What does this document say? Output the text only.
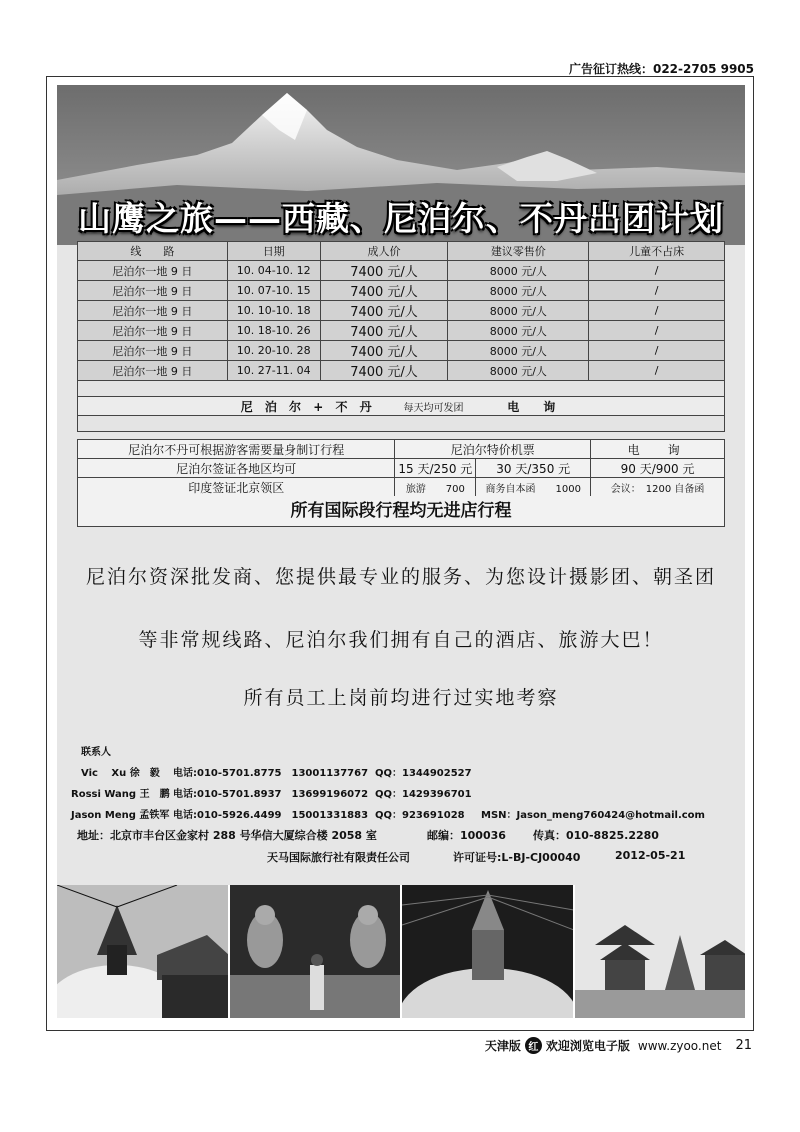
广告征订热线：022-2705 9905
山鹰之旅——西藏、尼泊尔、不丹出团计划
线　　路	日期	成人价	建议零售价	儿童不占床
尼泊尔一地 9 日	10. 04-10. 12	7400 元/人	8000 元/人	/
尼泊尔一地 9 日	10. 07-10. 15	7400 元/人	8000 元/人	/
尼泊尔一地 9 日	10. 10-10. 18	7400 元/人	8000 元/人	/
尼泊尔一地 9 日	10. 18-10. 26	7400 元/人	8000 元/人	/
尼泊尔一地 9 日	10. 20-10. 28	7400 元/人	8000 元/人	/
尼泊尔一地 9 日	10. 27-11. 04	7400 元/人	8000 元/人	/

尼 泊 尔 + 不 丹 每天均可发团 电　询				

尼泊尔不丹可根据游客需要量身制订行程	尼泊尔特价机票		电　询
尼泊尔签证各地区均可	15 天/250 元	30 天/350 元	90 天/900 元
印度签证北京领区	旅游　　700	商务自本函　　1000	会议：　1200 自备函
所有国际段行程均无进店行程
尼泊尔资深批发商、您提供最专业的服务、为您设计摄影团、朝圣团
等非常规线路、尼泊尔我们拥有自己的酒店、旅游大巴！
所有员工上岗前均进行过实地考察
联系人
Vic　 Xu 徐　毅 电话:010-5701.8775　13001137767 QQ：1344902527
Rossi Wang 王　鹏 电话:010-5701.8937　13699196072 QQ：1429396701
Jason Meng 孟铁军 电话:010-5926.4499　15001331883 QQ：923691028 MSN：Jason_meng760424@hotmail.com
地址：北京市丰台区金家村 288 号华信大厦综合楼 2058 室	邮编：100036 传真：010-8825.2280
天马国际旅行社有限责任公司	许可证号:L-BJ-CJ00040	2012-05-21
天津版 红 欢迎浏览电子版 www.zyoo.net 21
